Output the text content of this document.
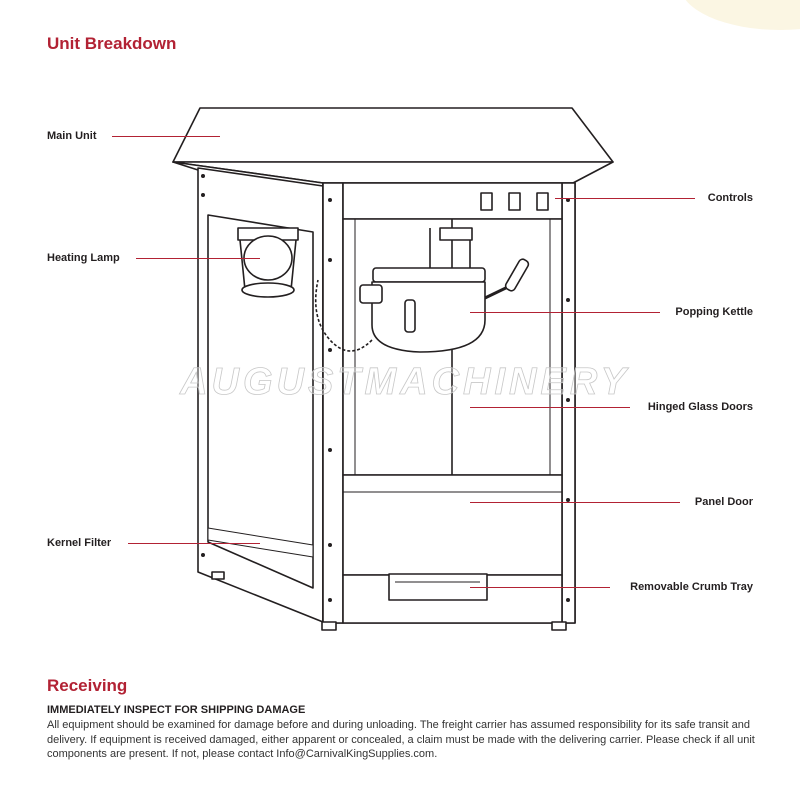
Unit Breakdown
AUGUSTMACHINERY
Main Unit
Heating Lamp
Kernel Filter
Controls
Popping Kettle
Hinged Glass Doors
Panel Door
Removable Crumb Tray
Receiving

IMMEDIATELY INSPECT FOR SHIPPING DAMAGE

All equipment should be examined for damage before and during unloading. The freight carrier has assumed responsibility for its safe transit and delivery. If equipment is received damaged, either apparent or concealed, a claim must be made with the delivering carrier. Please check if all unit components are present. If not, please contact Info@CarnivalKingSupplies.com.
